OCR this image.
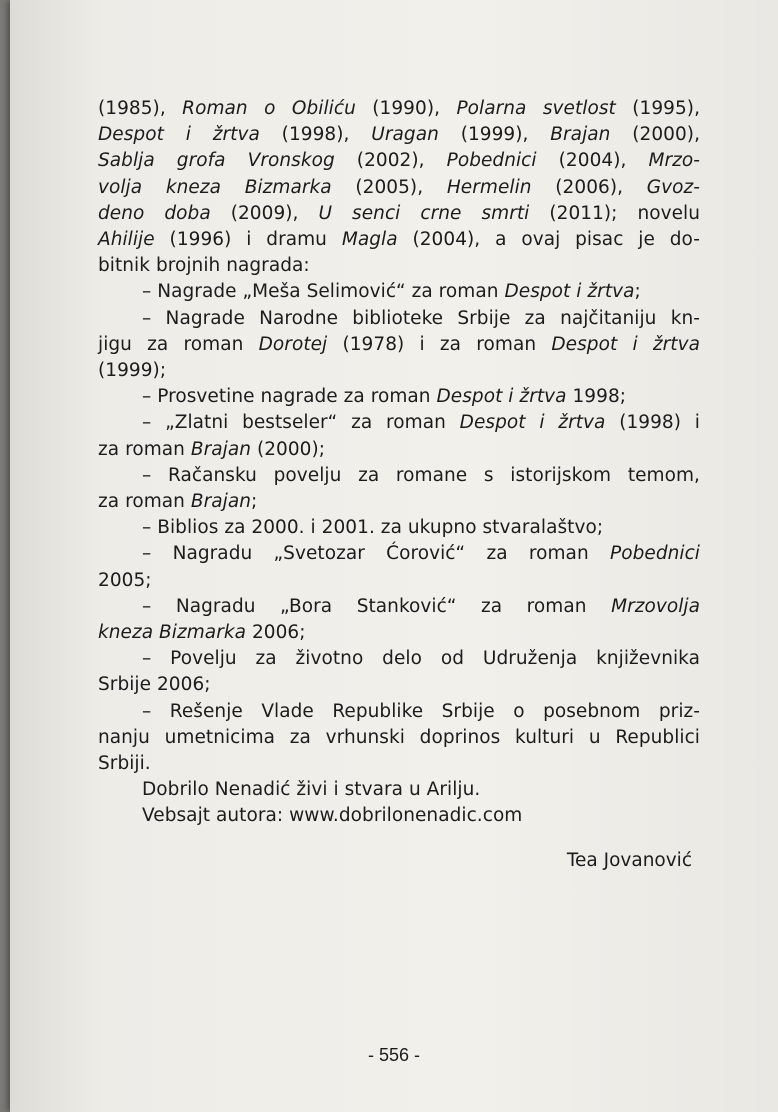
(1985), Roman o Obiliću (1990), Polarna svetlost (1995),
Despot i žrtva (1998), Uragan (1999), Brajan (2000),
Sablja grofa Vronskog (2002), Pobednici (2004), Mrzo-
volja kneza Bizmarka (2005), Hermelin (2006), Gvoz-
deno doba (2009), U senci crne smrti (2011); novelu
Ahilije (1996) i dramu Magla (2004), a ovaj pisac je do-
bitnik brojnih nagrada:
– Nagrade „Meša Selimović“ za roman Despot i žrtva;
– Nagrade Narodne biblioteke Srbije za najčitaniju kn-
jigu za roman Dorotej (1978) i za roman Despot i žrtva
(1999);
– Prosvetine nagrade za roman Despot i žrtva 1998;
– „Zlatni bestseler“ za roman Despot i žrtva (1998) i
za roman Brajan (2000);
– Račansku povelju za romane s istorijskom temom,
za roman Brajan;
– Biblios za 2000. i 2001. za ukupno stvaralaštvo;
– Nagradu „Svetozar Ćorović“ za roman Pobednici
2005;
– Nagradu „Bora Stanković“ za roman Mrzovolja
kneza Bizmarka 2006;
– Povelju za životno delo od Udruženja književnika
Srbije 2006;
– Rešenje Vlade Republike Srbije o posebnom priz-
nanju umetnicima za vrhunski doprinos kulturi u Republici
Srbiji.
Dobrilo Nenadić živi i stvara u Arilju.
Vebsajt autora: www.dobrilonenadic.com
Tea Jovanović
- 556 -
